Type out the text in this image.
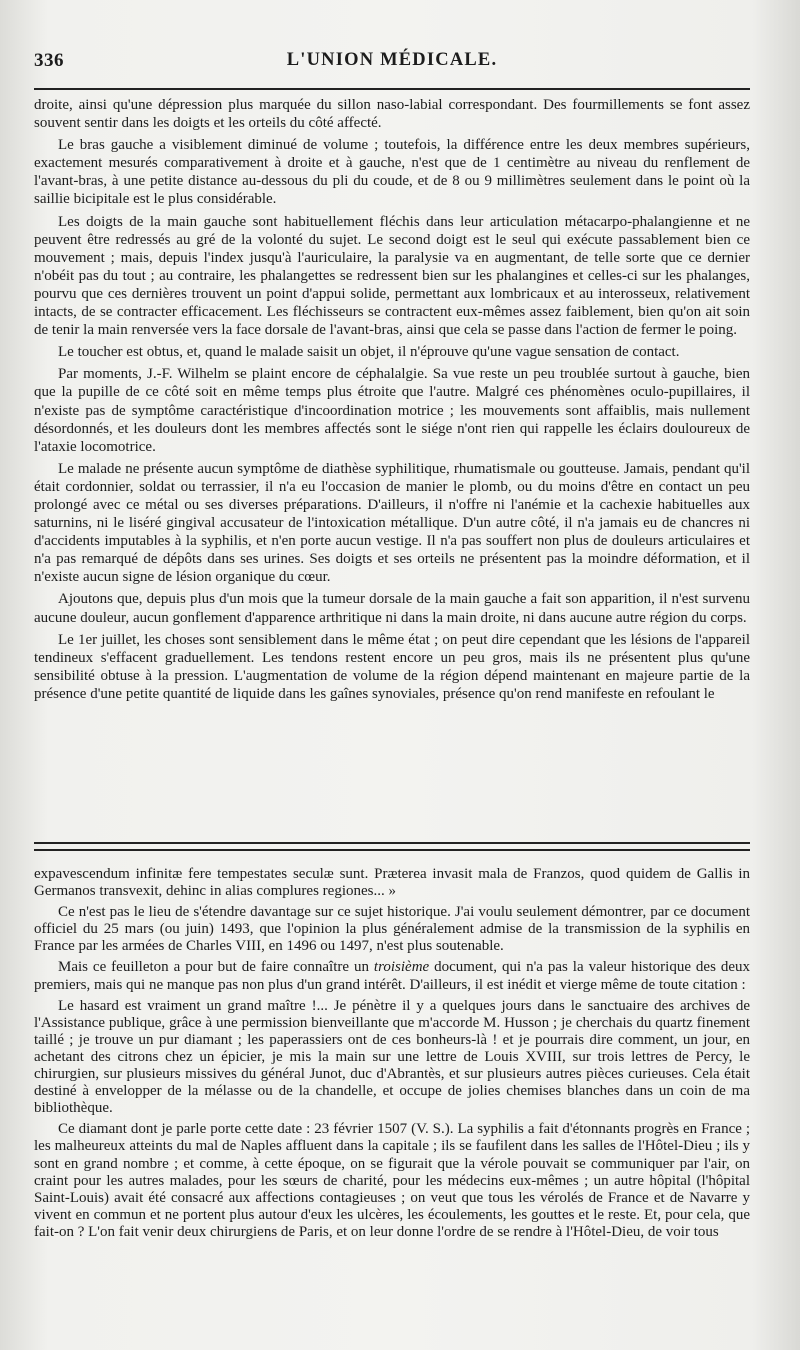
336	L'UNION MÉDICALE.

droite, ainsi qu'une dépression plus marquée du sillon naso-labial correspondant. Des fourmillements se font assez souvent sentir dans les doigts et les orteils du côté affecté.

Le bras gauche a visiblement diminué de volume ; toutefois, la différence entre les deux membres supérieurs, exactement mesurés comparativement à droite et à gauche, n'est que de 1 centimètre au niveau du renflement de l'avant-bras, à une petite distance au-dessous du pli du coude, et de 8 ou 9 millimètres seulement dans le point où la saillie bicipitale est le plus considérable.

Les doigts de la main gauche sont habituellement fléchis dans leur articulation métacarpo-phalangienne et ne peuvent être redressés au gré de la volonté du sujet. Le second doigt est le seul qui exécute passablement bien ce mouvement ; mais, depuis l'index jusqu'à l'auriculaire, la paralysie va en augmentant, de telle sorte que ce dernier n'obéit pas du tout ; au contraire, les phalangettes se redressent bien sur les phalangines et celles-ci sur les phalanges, pourvu que ces dernières trouvent un point d'appui solide, permettant aux lombricaux et au interosseux, relativement intacts, de se contracter efficacement. Les fléchisseurs se contractent eux-mêmes assez faiblement, bien qu'on ait soin de tenir la main renversée vers la face dorsale de l'avant-bras, ainsi que cela se passe dans l'action de fermer le poing.

Le toucher est obtus, et, quand le malade saisit un objet, il n'éprouve qu'une vague sensation de contact.

Par moments, J.-F. Wilhelm se plaint encore de céphalalgie. Sa vue reste un peu troublée surtout à gauche, bien que la pupille de ce côté soit en même temps plus étroite que l'autre. Malgré ces phénomènes oculo-pupillaires, il n'existe pas de symptôme caractéristique d'incoordination motrice ; les mouvements sont affaiblis, mais nullement désordonnés, et les douleurs dont les membres affectés sont le siége n'ont rien qui rappelle les éclairs douloureux de l'ataxie locomotrice.

Le malade ne présente aucun symptôme de diathèse syphilitique, rhumatismale ou goutteuse. Jamais, pendant qu'il était cordonnier, soldat ou terrassier, il n'a eu l'occasion de manier le plomb, ou du moins d'être en contact un peu prolongé avec ce métal ou ses diverses préparations. D'ailleurs, il n'offre ni l'anémie et la cachexie habituelles aux saturnins, ni le liséré gingival accusateur de l'intoxication métallique. D'un autre côté, il n'a jamais eu de chancres ni d'accidents imputables à la syphilis, et n'en porte aucun vestige. Il n'a pas souffert non plus de douleurs articulaires et n'a pas remarqué de dépôts dans ses urines. Ses doigts et ses orteils ne présentent pas la moindre déformation, et il n'existe aucun signe de lésion organique du cœur.

Ajoutons que, depuis plus d'un mois que la tumeur dorsale de la main gauche a fait son apparition, il n'est survenu aucune douleur, aucun gonflement d'apparence arthritique ni dans la main droite, ni dans aucune autre région du corps.

Le 1er juillet, les choses sont sensiblement dans le même état ; on peut dire cependant que les lésions de l'appareil tendineux s'effacent graduellement. Les tendons restent encore un peu gros, mais ils ne présentent plus qu'une sensibilité obtuse à la pression. L'augmentation de volume de la région dépend maintenant en majeure partie de la présence d'une petite quantité de liquide dans les gaînes synoviales, présence qu'on rend manifeste en refoulant le

expavescendum infinitæ fere tempestates seculæ sunt. Præterea invasit mala de Franzos, quod quidem de Gallis in Germanos transvexit, dehinc in alias complures regiones... »

Ce n'est pas le lieu de s'étendre davantage sur ce sujet historique. J'ai voulu seulement démontrer, par ce document officiel du 25 mars (ou juin) 1493, que l'opinion la plus généralement admise de la transmission de la syphilis en France par les armées de Charles VIII, en 1496 ou 1497, n'est plus soutenable.

Mais ce feuilleton a pour but de faire connaître un troisième document, qui n'a pas la valeur historique des deux premiers, mais qui ne manque pas non plus d'un grand intérêt. D'ailleurs, il est inédit et vierge même de toute citation :

Le hasard est vraiment un grand maître !... Je pénètre il y a quelques jours dans le sanctuaire des archives de l'Assistance publique, grâce à une permission bienveillante que m'accorde M. Husson ; je cherchais du quartz finement taillé ; je trouve un pur diamant ; les paperassiers ont de ces bonheurs-là ! et je pourrais dire comment, un jour, en achetant des citrons chez un épicier, je mis la main sur une lettre de Louis XVIII, sur trois lettres de Percy, le chirurgien, sur plusieurs missives du général Junot, duc d'Abrantès, et sur plusieurs autres pièces curieuses. Cela était destiné à envelopper de la mélasse ou de la chandelle, et occupe de jolies chemises blanches dans un coin de ma bibliothèque.

Ce diamant dont je parle porte cette date : 23 février 1507 (V. S.). La syphilis a fait d'étonnants progrès en France ; les malheureux atteints du mal de Naples affluent dans la capitale ; ils se faufilent dans les salles de l'Hôtel-Dieu ; ils y sont en grand nombre ; et comme, à cette époque, on se figurait que la vérole pouvait se communiquer par l'air, on craint pour les autres malades, pour les sœurs de charité, pour les médecins eux-mêmes ; un autre hôpital (l'hôpital Saint-Louis) avait été consacré aux affections contagieuses ; on veut que tous les vérolés de France et de Navarre y vivent en commun et ne portent plus autour d'eux les ulcères, les écoulements, les gouttes et le reste. Et, pour cela, que fait-on ? L'on fait venir deux chirurgiens de Paris, et on leur donne l'ordre de se rendre à l'Hôtel-Dieu, de voir tous
